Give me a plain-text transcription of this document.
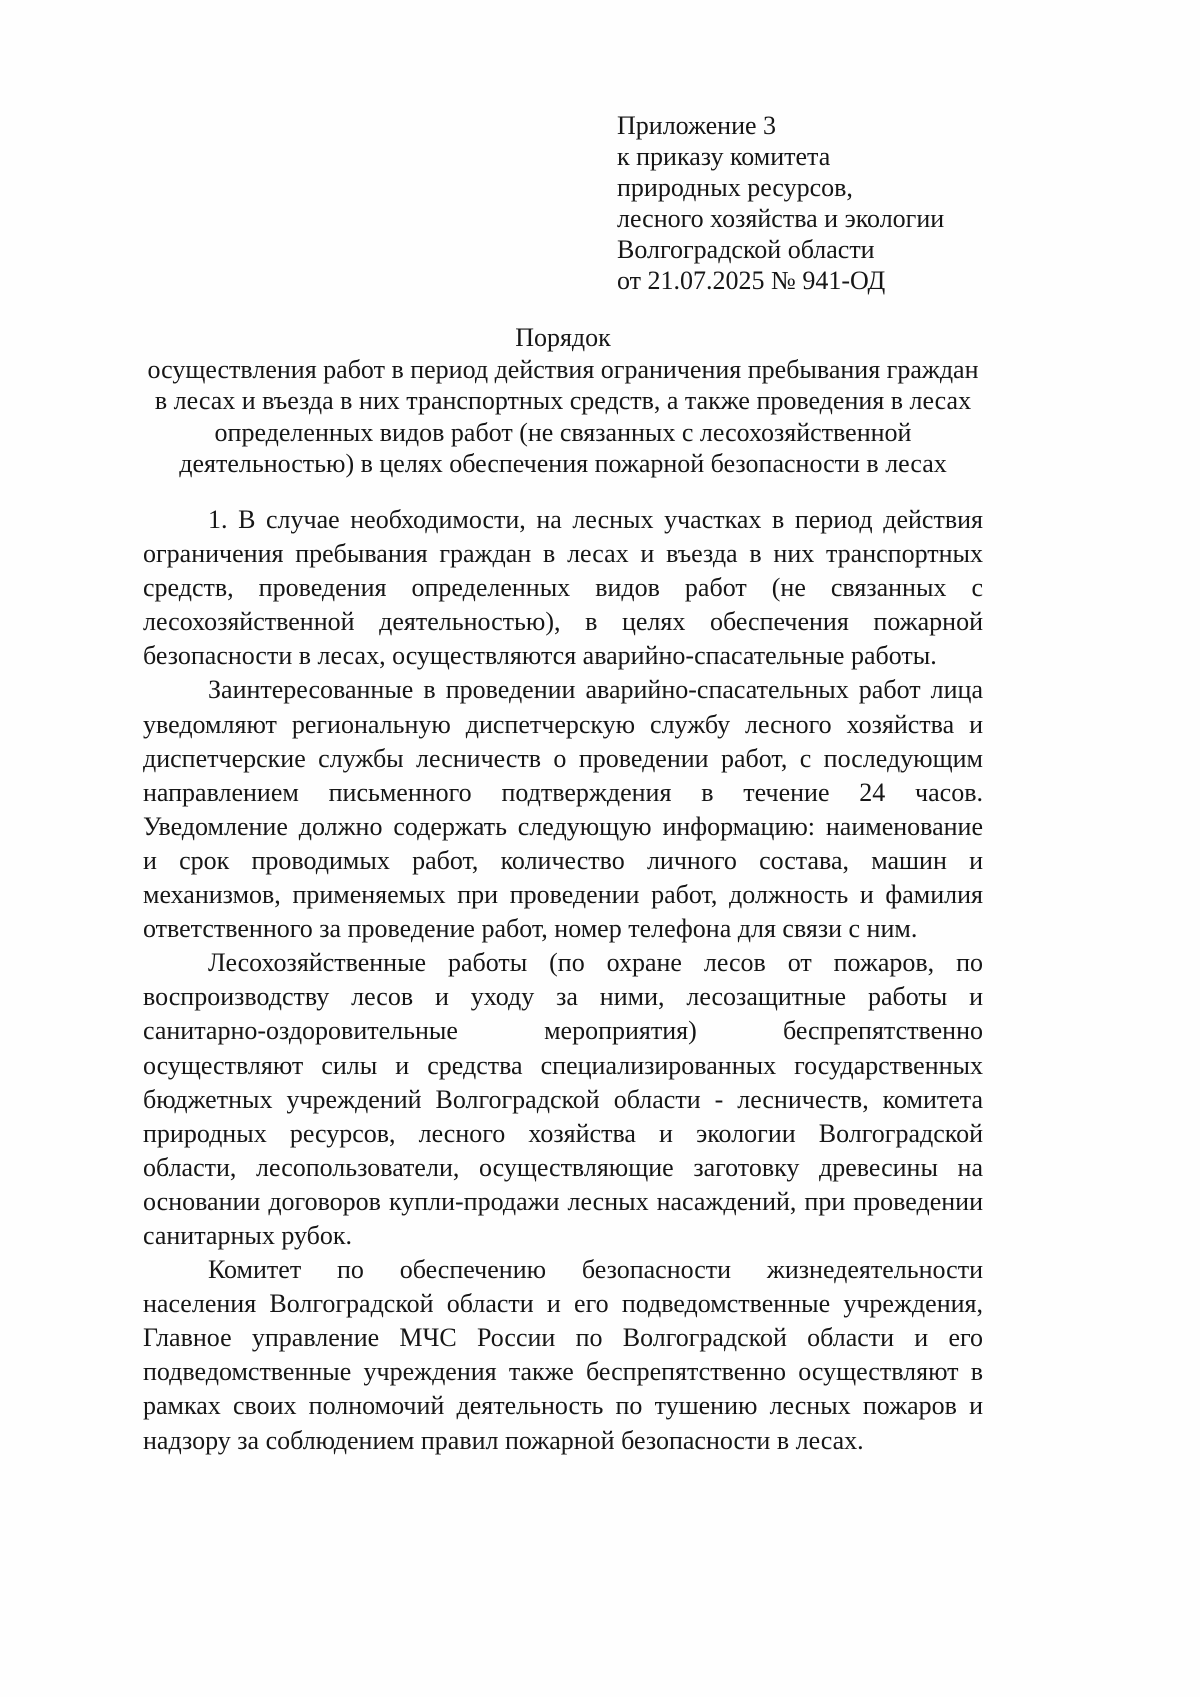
Приложение 3
к приказу комитета
природных ресурсов,
лесного хозяйства и экологии
Волгоградской области
от 21.07.2025 № 941-ОД
Порядок
осуществления работ в период действия ограничения пребывания граждан
в лесах и въезда в них транспортных средств, а также проведения в лесах
определенных видов работ (не связанных с лесохозяйственной
деятельностью) в целях обеспечения пожарной безопасности в лесах
1. В случае необходимости, на лесных участках в период действия
ограничения пребывания граждан в лесах и въезда в них транспортных
средств, проведения определенных видов работ (не связанных с
лесохозяйственной деятельностью), в целях обеспечения пожарной
безопасности в лесах, осуществляются аварийно-спасательные работы.
Заинтересованные в проведении аварийно-спасательных работ лица
уведомляют региональную диспетчерскую службу лесного хозяйства и
диспетчерские службы лесничеств о проведении работ, с последующим
направлением письменного подтверждения в течение 24 часов.
Уведомление должно содержать следующую информацию: наименование
и срок проводимых работ, количество личного состава, машин и
механизмов, применяемых при проведении работ, должность и фамилия
ответственного за проведение работ, номер телефона для связи с ним.
Лесохозяйственные работы (по охране лесов от пожаров, по
воспроизводству лесов и уходу за ними, лесозащитные работы и
санитарно-оздоровительные мероприятия) беспрепятственно
осуществляют силы и средства специализированных государственных
бюджетных учреждений Волгоградской области - лесничеств, комитета
природных ресурсов, лесного хозяйства и экологии Волгоградской
области, лесопользователи, осуществляющие заготовку древесины на
основании договоров купли-продажи лесных насаждений, при проведении
санитарных рубок.
Комитет по обеспечению безопасности жизнедеятельности
населения Волгоградской области и его подведомственные учреждения,
Главное управление МЧС России по Волгоградской области и его
подведомственные учреждения также беспрепятственно осуществляют в
рамках своих полномочий деятельность по тушению лесных пожаров и
надзору за соблюдением правил пожарной безопасности в лесах.
